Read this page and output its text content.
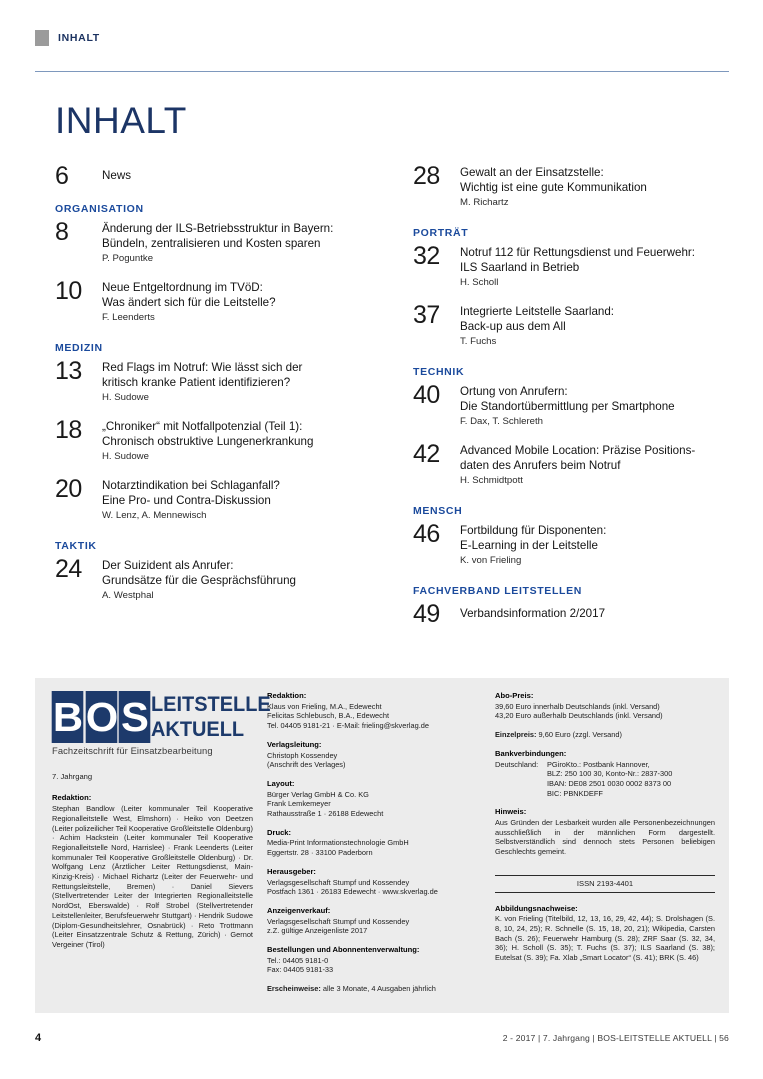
INHALT
INHALT
6	News
ORGANISATION
8	Änderung der ILS-Betriebsstruktur in Bayern:
Bündeln, zentralisieren und Kosten sparen
P. Poguntke
10	Neue Entgeltordnung im TVöD:
Was ändert sich für die Leitstelle?
F. Leenderts
MEDIZIN
13	Red Flags im Notruf: Wie lässt sich der
kritisch kranke Patient identifizieren?
H. Sudowe
18	„Chroniker“ mit Notfallpotenzial (Teil 1):
Chronisch obstruktive Lungenerkrankung
H. Sudowe
20	Notarztindikation bei Schlaganfall?
Eine Pro- und Contra-Diskussion
W. Lenz, A. Mennewisch
TAKTIK
24	Der Suizident als Anrufer:
Grundsätze für die Gesprächsführung
A. Westphal
28	Gewalt an der Einsatzstelle:
Wichtig ist eine gute Kommunikation
M. Richartz
PORTRÄT
32	Notruf 112 für Rettungsdienst und Feuerwehr:
ILS Saarland in Betrieb
H. Scholl
37	Integrierte Leitstelle Saarland:
Back-up aus dem All
T. Fuchs
TECHNIK
40	Ortung von Anrufern:
Die Standortübermittlung per Smartphone
F. Dax, T. Schlereth
42	Advanced Mobile Location: Präzise Positions-
daten des Anrufers beim Notruf
H. Schmidtpott
MENSCH
46	Fortbildung für Disponenten:
E-Learning in der Leitstelle
K. von Frieling
FACHVERBAND LEITSTELLEN
49	Verbandsinformation 2/2017
B O S LEITSTELLE
AKTUELL
Fachzeitschrift für Einsatzbearbeitung
7. Jahrgang
Redaktion:
Stephan Bandlow (Leiter kommunaler Teil Kooperative Regionalleitstelle West, Elmshorn) · Heiko von Deetzen (Leiter polizeilicher Teil Kooperative Großleitstelle Oldenburg) · Achim Hackstein (Leiter kommunaler Teil Kooperative Regionalleitstelle Nord, Harrislee) · Frank Leenderts (Leiter kommunaler Teil Kooperative Großleitstelle Oldenburg) · Dr. Wolfgang Lenz (Ärztlicher Leiter Rettungsdienst, Main-Kinzig-Kreis) · Michael Richartz (Leiter der Feuerwehr- und Rettungsleitstelle, Bremen) · Daniel Sievers (Stellvertretender Leiter der Integrierten Regionalleitstelle NordOst, Eberswalde) · Rolf Strobel (Stellvertretender Leitstellenleiter, Berufsfeuerwehr Stuttgart) · Hendrik Sudowe (Diplom-Gesundheitslehrer, Osnabrück) · Reto Trottmann (Leiter Einsatzzentrale Schutz & Rettung, Zürich) · Gernot Vergeiner (Tirol)
Redaktion:
Klaus von Frieling, M.A., Edewecht
Felicitas Schlebusch, B.A., Edewecht
Tel. 04405 9181-21 · E-Mail: frieling@skverlag.de
Verlagsleitung:
Christoph Kossendey
(Anschrift des Verlages)
Layout:
Bürger Verlag GmbH & Co. KG
Frank Lemkemeyer
Rathausstraße 1 · 26188 Edewecht
Druck:
Media-Print Informationstechnologie GmbH
Eggertstr. 28 · 33100 Paderborn
Herausgeber:
Verlagsgesellschaft Stumpf und Kossendey
Postfach 1361 · 26183 Edewecht · www.skverlag.de
Anzeigenverkauf:
Verlagsgesellschaft Stumpf und Kossendey
z.Z. gültige Anzeigenliste 2017
Bestellungen und Abonnentenverwaltung:
Tel.: 04405 9181-0
Fax: 04405 9181-33
Erscheinweise: alle 3 Monate, 4 Ausgaben jährlich
Abo-Preis:
39,60 Euro innerhalb Deutschlands (inkl. Versand)
43,20 Euro außerhalb Deutschlands (inkl. Versand)
Einzelpreis: 9,60 Euro (zzgl. Versand)
Bankverbindungen:
Deutschland:	PGiroKto.: Postbank Hannover,
BLZ: 250 100 30, Konto-Nr.: 2837-300
IBAN: DE08 2501 0030 0002 8373 00
BIC: PBNKDEFF
Hinweis:
Aus Gründen der Lesbarkeit wurden alle Personenbezeichnungen ausschließlich in der männlichen Form dargestellt. Selbstverständlich sind dennoch stets Personen beliebigen Geschlechts gemeint.
ISSN 2193-4401
Abbildungsnachweise:
K. von Frieling (Titelbild, 12, 13, 16, 29, 42, 44); S. Drolshagen (S. 8, 10, 24, 25); R. Schnelle (S. 15, 18, 20, 21); Wikipedia, Carsten Bach (S. 26); Feuerwehr Hamburg (S. 28); ZRF Saar (S. 32, 34, 36); H. Scholl (S. 35); T. Fuchs (S. 37); ILS Saarland (S. 38); Eutelsat (S. 39); Fa. Xlab „Smart Locator“ (S. 41); BRK (S. 46)
4	2 - 2017 | 7. Jahrgang | BOS-LEITSTELLE AKTUELL | 56
